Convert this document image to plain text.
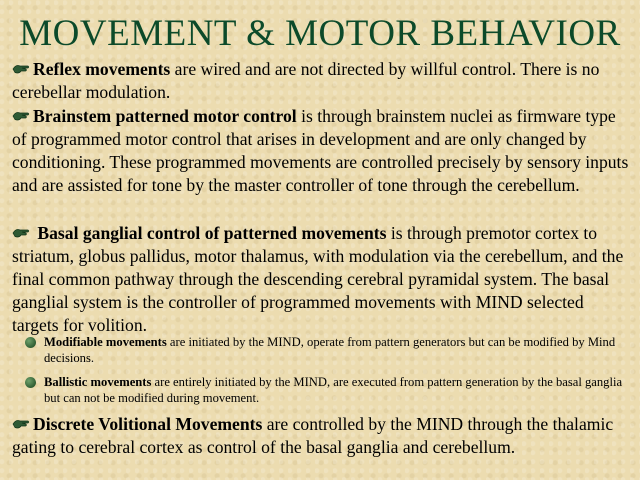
MOVEMENT & MOTOR BEHAVIOR
Reflex movements are wired and are not directed by willful control. There is no cerebellar modulation.
Brainstem patterned motor control is through brainstem nuclei as firmware type of programmed motor control that arises in development and are only changed by conditioning. These programmed movements are controlled precisely by sensory inputs and are assisted for tone by the master controller of tone through the cerebellum.
Basal ganglial control of patterned movements is through premotor cortex to striatum, globus pallidus, motor thalamus, with modulation via the cerebellum, and the final common pathway through the descending cerebral pyramidal system. The basal ganglial system is the controller of programmed movements with MIND selected targets for volition.
Modifiable movements are initiated by the MIND, operate from pattern generators but can be modified by Mind decisions.
Ballistic movements are entirely initiated by the MIND, are executed from pattern generation by the basal ganglia but can not be modified during movement.
Discrete Volitional Movements are controlled by the MIND through the thalamic gating to cerebral cortex as control of the basal ganglia and cerebellum.
